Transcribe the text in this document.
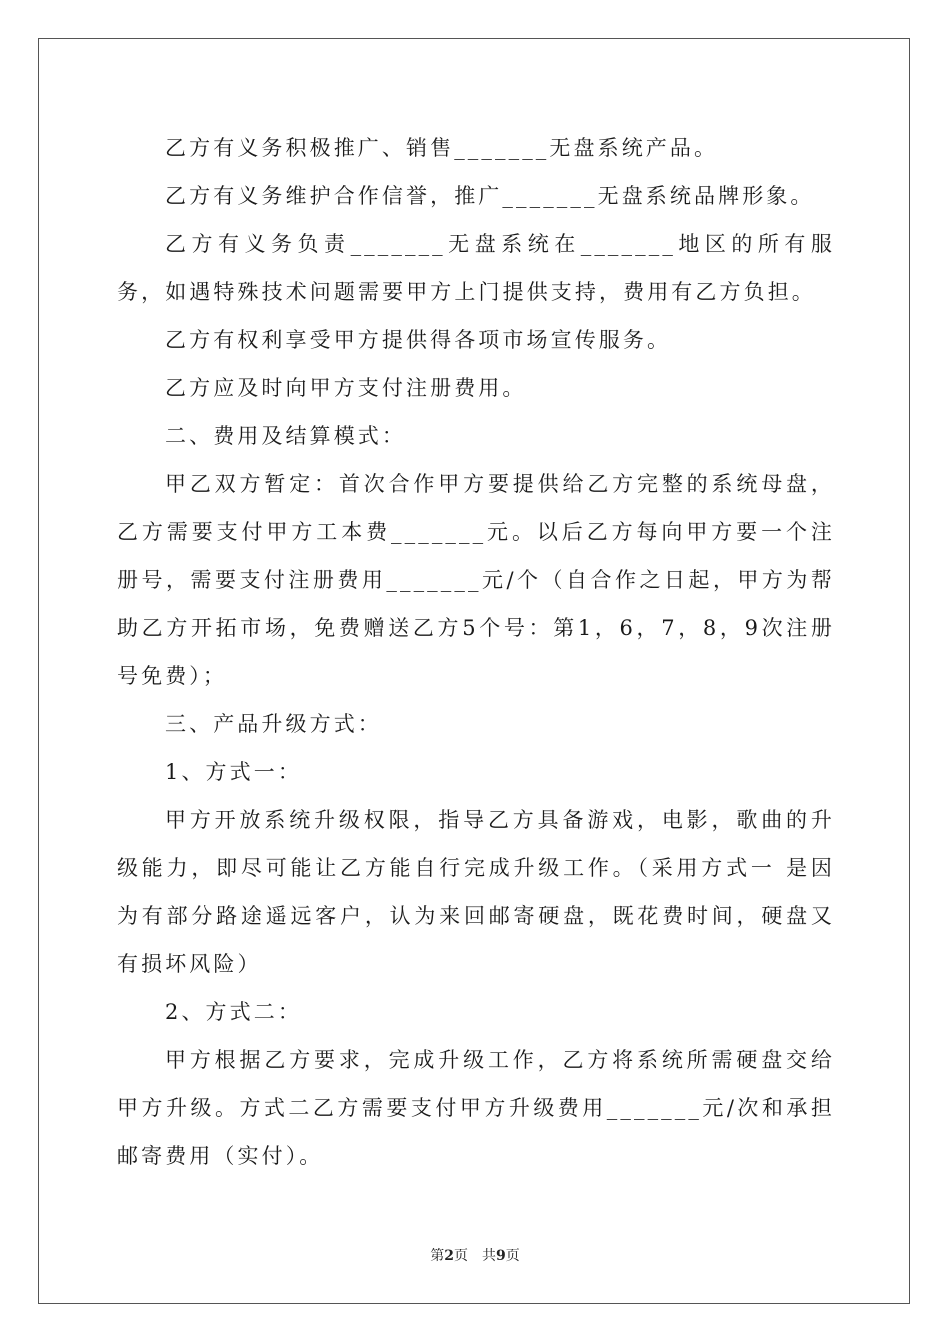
乙方有义务积极推广、销售_______无盘系统产品。

乙方有义务维护合作信誉，推广_______无盘系统品牌形象。

乙方有义务负责_______无盘系统在_______地区的所有服务，如遇特殊技术问题需要甲方上门提供支持，费用有乙方负担。

乙方有权利享受甲方提供得各项市场宣传服务。

乙方应及时向甲方支付注册费用。

二、费用及结算模式：

甲乙双方暂定：首次合作甲方要提供给乙方完整的系统母盘，乙方需要支付甲方工本费_______元。以后乙方每向甲方要一个注册号，需要支付注册费用_______元/个（自合作之日起，甲方为帮助乙方开拓市场，免费赠送乙方5个号：第1，6，7，8，9次注册号免费）；

三、产品升级方式：

1、方式一：

甲方开放系统升级权限，指导乙方具备游戏，电影，歌曲的升级能力，即尽可能让乙方能自行完成升级工作。（采用方式一 是因为有部分路途遥远客户，认为来回邮寄硬盘，既花费时间，硬盘又有损坏风险）

2、方式二：

甲方根据乙方要求，完成升级工作，乙方将系统所需硬盘交给甲方升级。方式二乙方需要支付甲方升级费用_______元/次和承担邮寄费用（实付）。

第2页 共9页
